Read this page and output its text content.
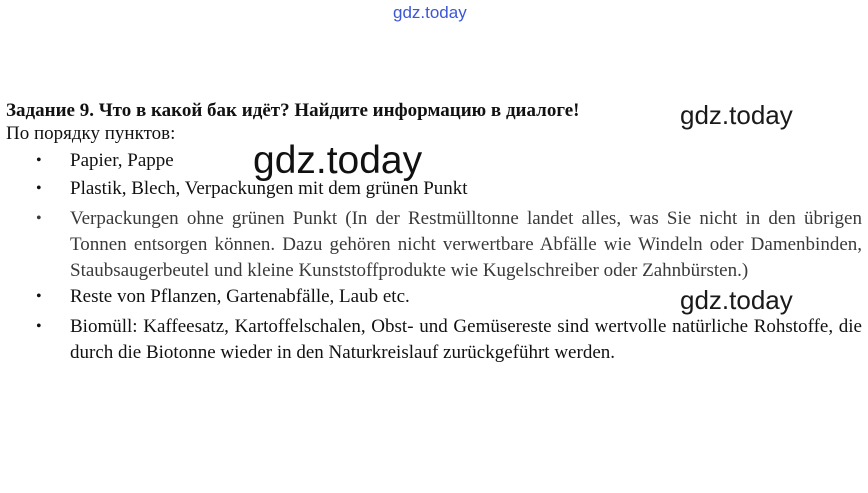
gdz.today

Задание 9. Что в какой бак идёт? Найдите информацию в диалоге!

По порядку пунктов:

• Papier, Pappe
• Plastik, Blech, Verpackungen mit dem grünen Punkt
• Verpackungen ohne grünen Punkt (In der Restmülltonne landet alles, was Sie nicht in den übrigen Tonnen entsorgen können. Dazu gehören nicht verwertbare Abfälle wie Windeln oder Damenbinden, Staubsaugerbeutel und kleine Kunststoffprodukte wie Kugelschreiber oder Zahnbürsten.)
• Reste von Pflanzen, Gartenabfälle, Laub etc.
• Biomüll: Kaffeesatz, Kartoffelschalen, Obst- und Gemüsereste sind wertvolle natürliche Rohstoffe, die durch die Biotonne wieder in den Naturkreislauf zurückgeführt werden.
gdz.today
gdz.today
gdz.today
